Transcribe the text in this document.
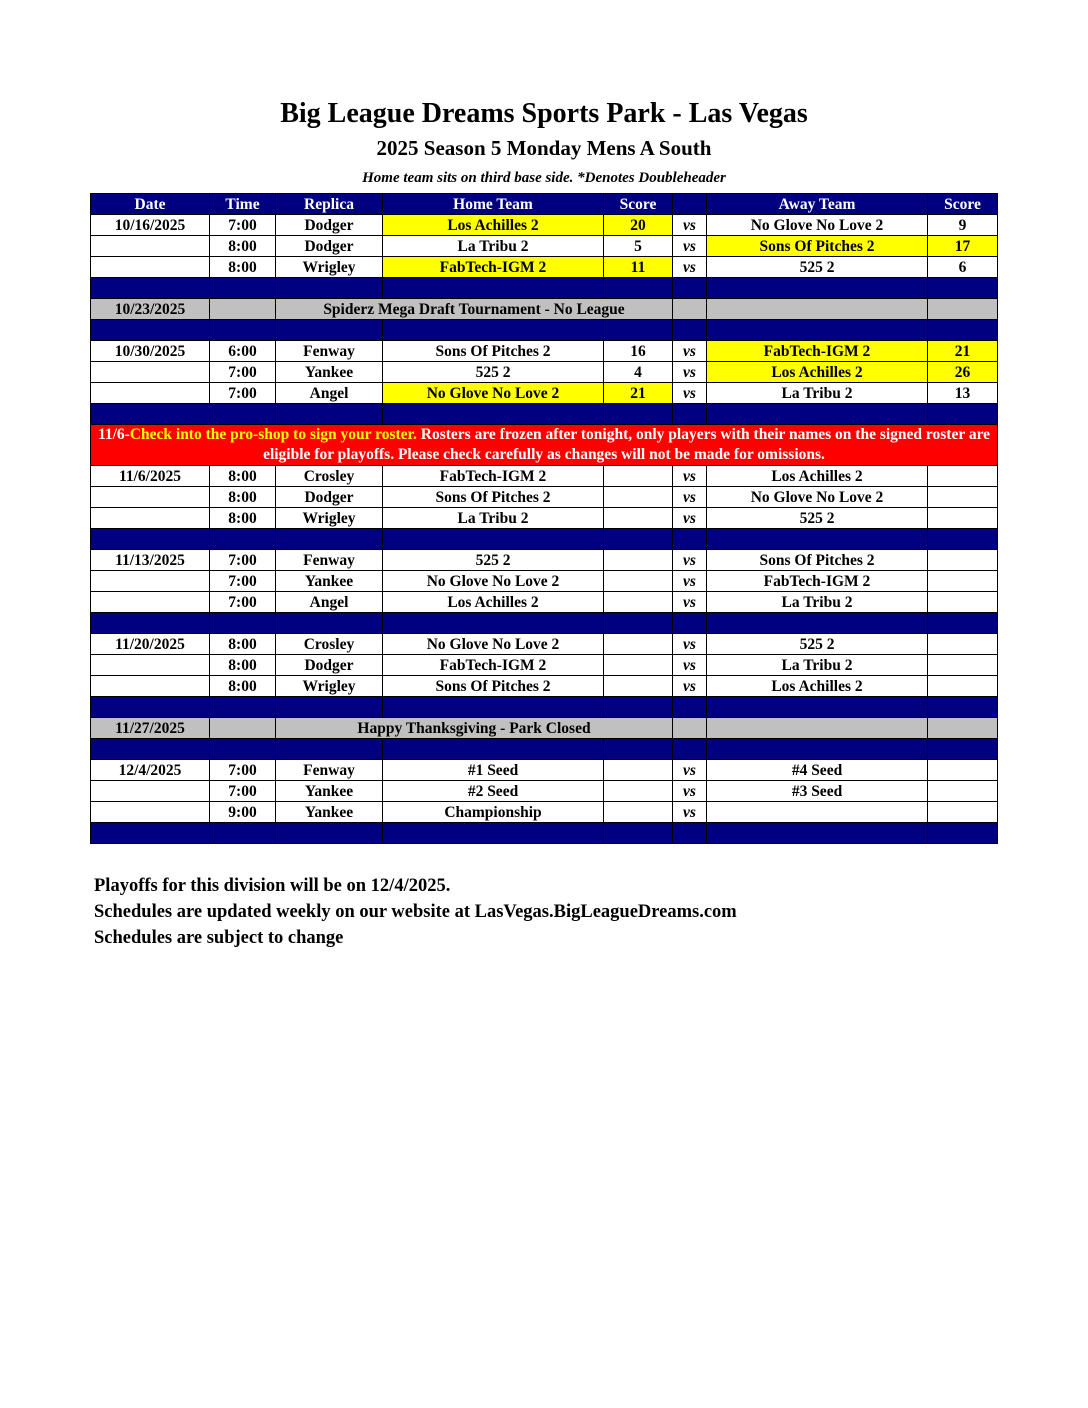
Big League Dreams Sports Park - Las Vegas
2025 Season 5 Monday Mens A South
Home team sits on third base side. *Denotes Doubleheader
Date	Time	Replica	Home Team	Score		Away Team	Score
10/16/2025	7:00	Dodger	Los Achilles 2	20	vs	No Glove No Love 2	9
	8:00	Dodger	La Tribu 2	5	vs	Sons Of Pitches 2	17
	8:00	Wrigley	FabTech-IGM 2	11	vs	525 2	6

10/23/2025		Spiderz Mega Draft Tournament - No League					

10/30/2025	6:00	Fenway	Sons Of Pitches 2	16	vs	FabTech-IGM 2	21
	7:00	Yankee	525 2	4	vs	Los Achilles 2	26
	7:00	Angel	No Glove No Love 2	21	vs	La Tribu 2	13

11/6-Check into the pro-shop to sign your roster. Rosters are frozen after tonight, only players with their names on the signed roster are eligible for playoffs. Please check carefully as changes will not be made for omissions.							
11/6/2025	8:00	Crosley	FabTech-IGM 2		vs	Los Achilles 2	
	8:00	Dodger	Sons Of Pitches 2		vs	No Glove No Love 2	
	8:00	Wrigley	La Tribu 2		vs	525 2	

11/13/2025	7:00	Fenway	525 2		vs	Sons Of Pitches 2	
	7:00	Yankee	No Glove No Love 2		vs	FabTech-IGM 2	
	7:00	Angel	Los Achilles 2		vs	La Tribu 2	

11/20/2025	8:00	Crosley	No Glove No Love 2		vs	525 2	
	8:00	Dodger	FabTech-IGM 2		vs	La Tribu 2	
	8:00	Wrigley	Sons Of Pitches 2		vs	Los Achilles 2	

11/27/2025		Happy Thanksgiving - Park Closed					

12/4/2025	7:00	Fenway	#1 Seed		vs	#4 Seed	
	7:00	Yankee	#2 Seed		vs	#3 Seed	
	9:00	Yankee	Championship		vs		

Playoffs for this division will be on 12/4/2025.
Schedules are updated weekly on our website at LasVegas.BigLeagueDreams.com
Schedules are subject to change
